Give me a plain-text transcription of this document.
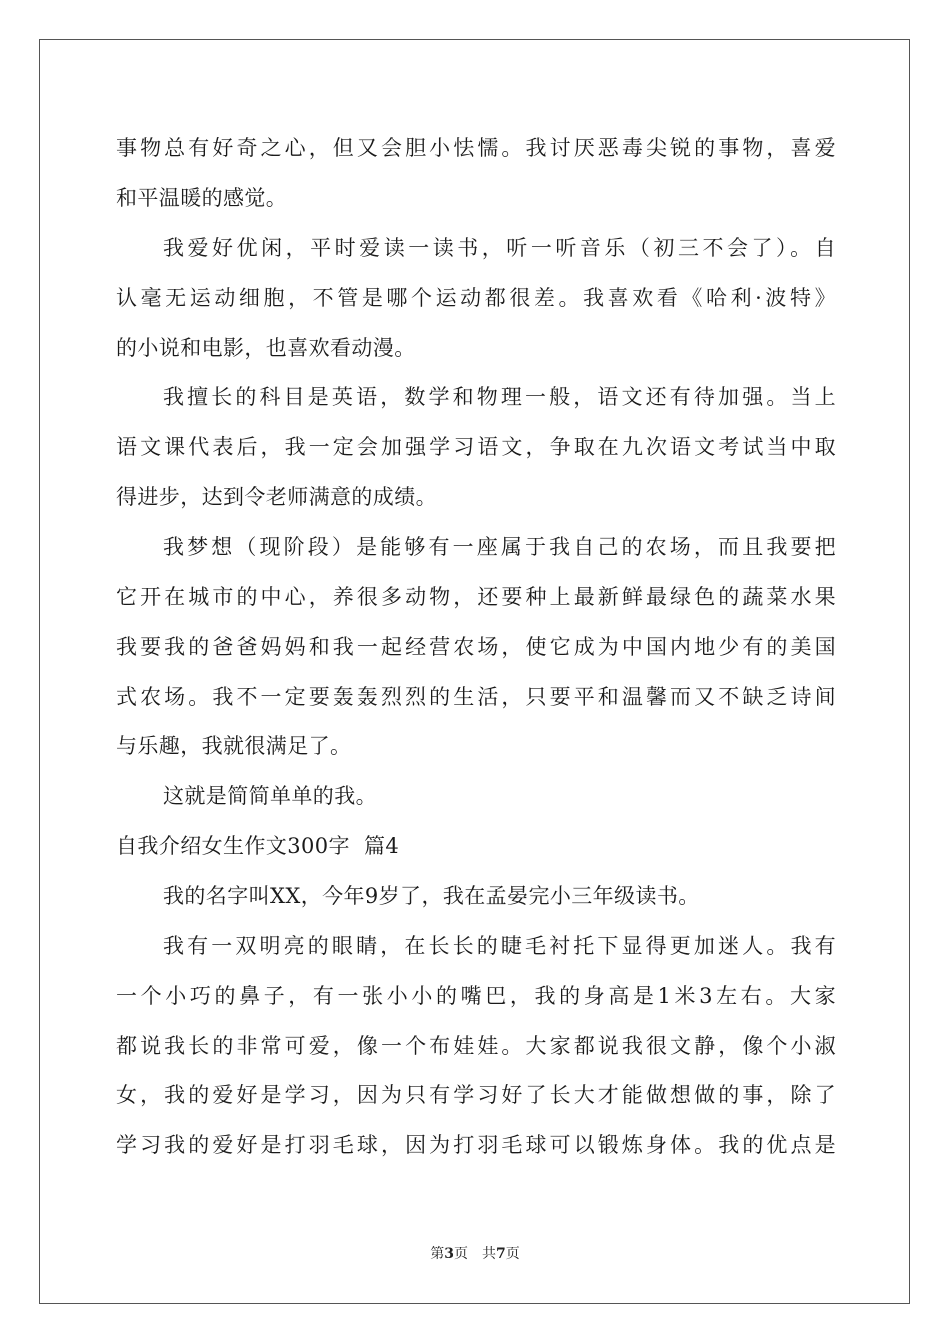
事物总有好奇之心，但又会胆小怯懦。我讨厌恶毒尖锐的事物，喜爱
和平温暖的感觉。
我爱好优闲，平时爱读一读书，听一听音乐（初三不会了）。自
认毫无运动细胞，不管是哪个运动都很差。我喜欢看《哈利·波特》
的小说和电影，也喜欢看动漫。
我擅长的科目是英语，数学和物理一般，语文还有待加强。当上
语文课代表后，我一定会加强学习语文，争取在九次语文考试当中取
得进步，达到令老师满意的成绩。
我梦想（现阶段）是能够有一座属于我自己的农场，而且我要把
它开在城市的中心，养很多动物，还要种上最新鲜最绿色的蔬菜水果
我要我的爸爸妈妈和我一起经营农场，使它成为中国内地少有的美国
式农场。我不一定要轰轰烈烈的生活，只要平和温馨而又不缺乏诗间
与乐趣，我就很满足了。
这就是简简单单的我。
自我介绍女生作文300字  篇4
我的名字叫XX，今年9岁了，我在孟晏完小三年级读书。
我有一双明亮的眼睛，在长长的睫毛衬托下显得更加迷人。我有
一个小巧的鼻子，有一张小小的嘴巴，我的身高是1米3左右。大家
都说我长的非常可爱，像一个布娃娃。大家都说我很文静，像个小淑
女，我的爱好是学习，因为只有学习好了长大才能做想做的事，除了
学习我的爱好是打羽毛球，因为打羽毛球可以锻炼身体。我的优点是
第3页 共7页
